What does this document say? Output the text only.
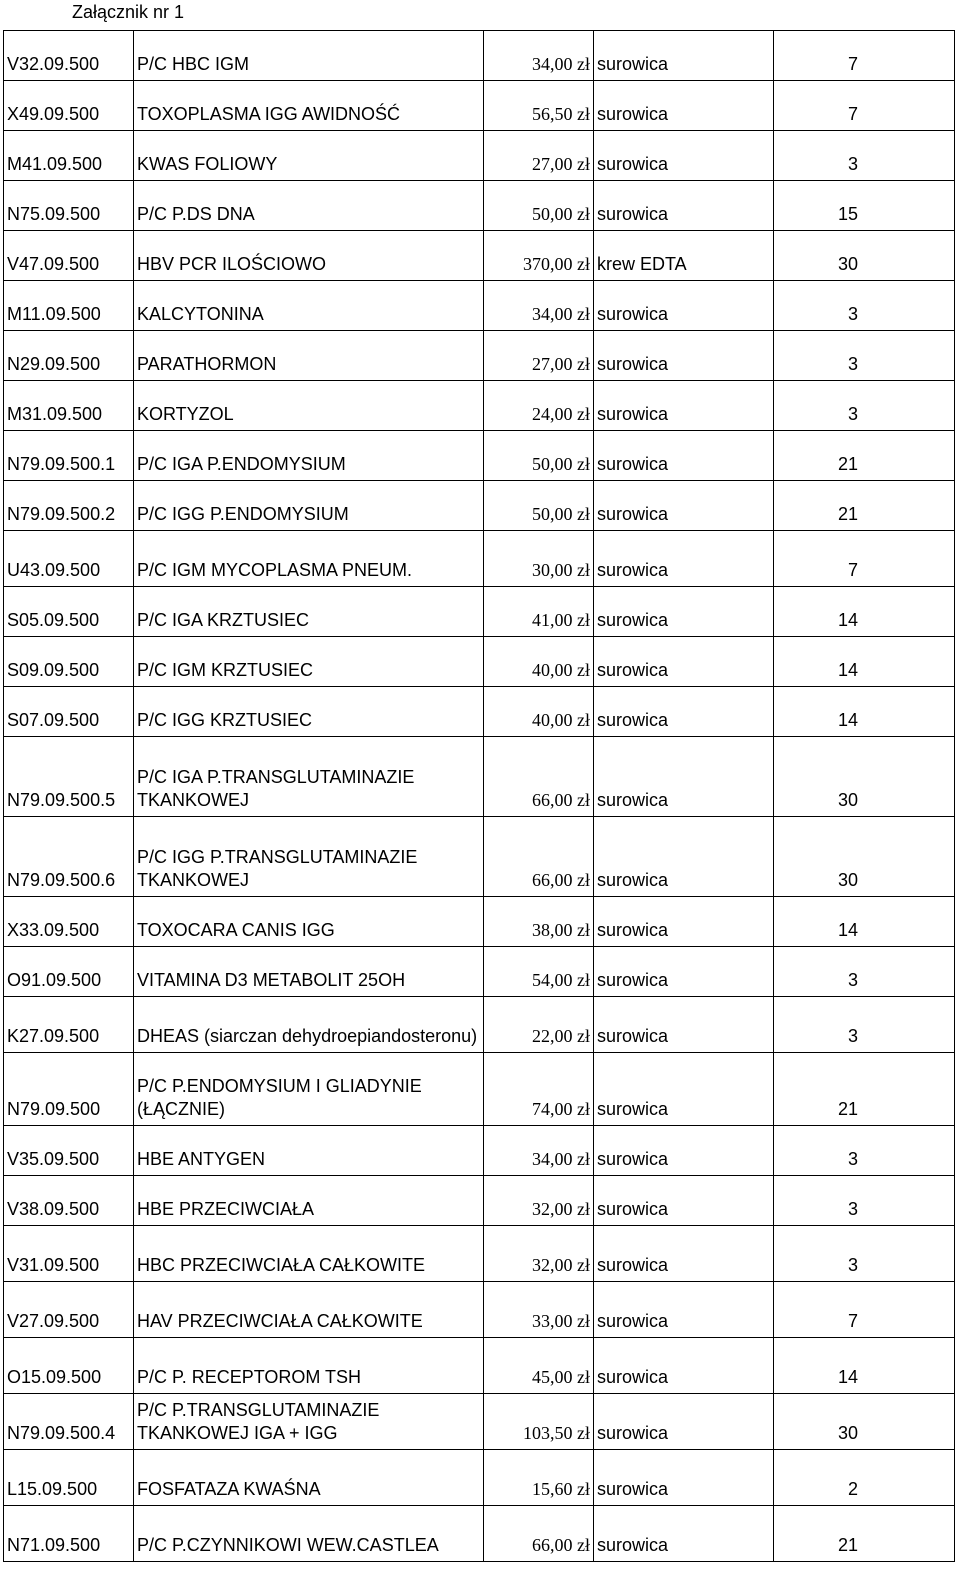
Załącznik nr 1
V32.09.500	P/C HBC IGM	34,00 zł	surowica	7
X49.09.500	TOXOPLASMA IGG AWIDNOŚĆ	56,50 zł	surowica	7
M41.09.500	KWAS FOLIOWY	27,00 zł	surowica	3
N75.09.500	P/C P.DS DNA	50,00 zł	surowica	15
V47.09.500	HBV PCR ILOŚCIOWO	370,00 zł	krew EDTA	30
M11.09.500	KALCYTONINA	34,00 zł	surowica	3
N29.09.500	PARATHORMON	27,00 zł	surowica	3
M31.09.500	KORTYZOL	24,00 zł	surowica	3
N79.09.500.1	P/C IGA P.ENDOMYSIUM	50,00 zł	surowica	21
N79.09.500.2	P/C IGG P.ENDOMYSIUM	50,00 zł	surowica	21
U43.09.500	P/C IGM MYCOPLASMA PNEUM.	30,00 zł	surowica	7
S05.09.500	P/C IGA KRZTUSIEC	41,00 zł	surowica	14
S09.09.500	P/C IGM KRZTUSIEC	40,00 zł	surowica	14
S07.09.500	P/C IGG KRZTUSIEC	40,00 zł	surowica	14
N79.09.500.5	P/C IGA P.TRANSGLUTAMINAZIE TKANKOWEJ	66,00 zł	surowica	30
N79.09.500.6	P/C IGG P.TRANSGLUTAMINAZIE TKANKOWEJ	66,00 zł	surowica	30
X33.09.500	TOXOCARA CANIS IGG	38,00 zł	surowica	14
O91.09.500	VITAMINA D3 METABOLIT 25OH	54,00 zł	surowica	3
K27.09.500	DHEAS (siarczan dehydroepiandosteronu)	22,00 zł	surowica	3
N79.09.500	P/C P.ENDOMYSIUM I GLIADYNIE (ŁĄCZNIE)	74,00 zł	surowica	21
V35.09.500	HBE ANTYGEN	34,00 zł	surowica	3
V38.09.500	HBE PRZECIWCIAŁA	32,00 zł	surowica	3
V31.09.500	HBC PRZECIWCIAŁA CAŁKOWITE	32,00 zł	surowica	3
V27.09.500	HAV PRZECIWCIAŁA CAŁKOWITE	33,00 zł	surowica	7
O15.09.500	P/C P. RECEPTOROM TSH	45,00 zł	surowica	14
N79.09.500.4	P/C P.TRANSGLUTAMINAZIE TKANKOWEJ IGA + IGG	103,50 zł	surowica	30
L15.09.500	FOSFATAZA KWAŚNA	15,60 zł	surowica	2
N71.09.500	P/C P.CZYNNIKOWI WEW.CASTLEA	66,00 zł	surowica	21
